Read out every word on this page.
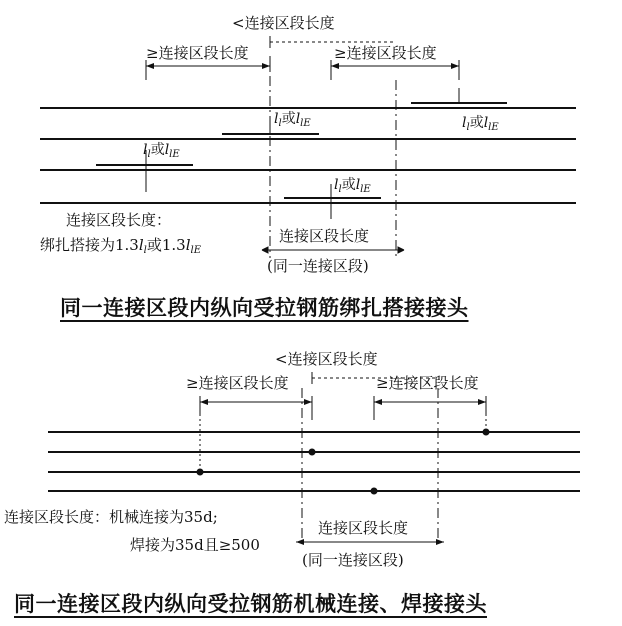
<连接区段长度
≥连接区段长度	≥连接区段长度
$l_l$或$l_{lE}$
$l_l$或$l_{lE}$
$l_l$或$l_{lE}$
$l_l$或$l_{lE}$
连接区段长度：
绑扎搭接为$1.3l_l$或$1.3l_{lE}$
连接区段长度
(同一连接区段)
同一连接区段内纵向受拉钢筋绑扎搭接接头
<连接区段长度
≥连接区段长度	≥连接区段长度
连接区段长度：机械连接为35d;
焊接为35d且≥500
连接区段长度
(同一连接区段)
同一连接区段内纵向受拉钢筋机械连接、焊接接头
